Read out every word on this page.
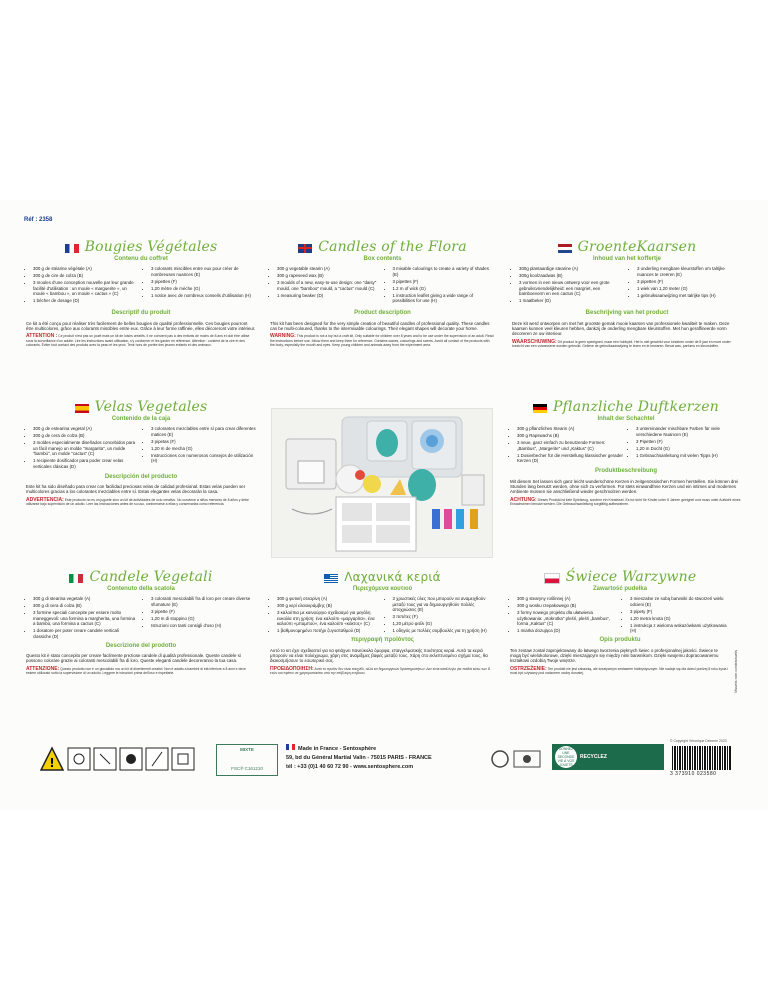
Réf : 2358
Bougies Végétales
Contenu du coffret
• 300 g de stéarine végétale (A)
• 300 g de cire de colza (B)
• 3 moules d'une conception nouvelle par leur grande facilité d'utilisation : un moule « marguerite », un moule « bambou », un moule « cactus » (C)
• 1 bécher de dosage (D)
• 3 colorants miscibles entre eux pour créer de nombreuses nuances (E)
• 3 pipettes (F)
• 1,20 mètre de mèche (G)
• 1 notice avec de nombreux conseils d'utilisation (H)
Descriptif du produit
Ce kit a été conçu pour réaliser très facilement de belles bougies de qualité professionnelle. Ces bougies pourront être multicolores, grâce aux colorants miscibles entre eux. Grâce à leur forme raffinée, elles décoreront votre intérieur.
ATTENTION : Ce produit n'est pas un jouet mais un kit de loisirs créatifs. Il ne convient pas à des enfants de moins de 8 ans et doit être utilisé sous la surveillance d'un adulte. Lire les instructions avant utilisation, s'y conformer et les garder en référence. Attention : contient de la cire et des colorants. Éviter tout contact des produits avec la peau et les yeux. Tenir hors de portée des jeunes enfants et des animaux.
Candles of the Flora
Box contents
• 300 g vegetable stearin (A)
• 300 g rapeseed wax (B)
• 3 moulds of a new, easy-to-use design: one "daisy" mould, one "bamboo" mould, a "cactus" mould (C)
• 1 measuring beaker (D)
• 3 mixable colourings to create a variety of shades (E)
• 3 pipettes (F)
• 1.2 m of wick (G)
• 1 instruction leaflet giving a wide range of possibilities for use (H)
Product description
This kit has been designed for the very simple creation of beautiful candles of professional quality. These candles can be multi-coloured, thanks to the intermixable colourings. Their elegant shapes will decorate your home.
WARNING: This product is not a toy but a craft kit. Only suitable for children over 8 years and to be use under the supervision of an adult. Read the instructions before use, follow them and keep them for reference. Contains waxes, colourings and scents. Avoid all contact of the products with the body, especially the mouth and eyes. Keep young children and animals away from the experiment area.
GroenteKaarsen
Inhoud van het koffertje
• 300g plantaardige stearine (A)
• 300g koolzaadwas (B)
• 3 vormen in een nieuw ontwerp voor een grote gebruiksvriendelijkheid: een margriet, een bamboevorm en een cactus (C)
• 1 maatbeker (D)
• 3 onderling mengbare kleurstoffen om talrijke nuances te creëren (E)
• 3 pipetten (F)
• 1 wiek van 1,20 meter (G)
• 1 gebruiksaanwijzing met talrijke tips (H)
Beschrijving van het product
Deze kit werd ontworpen om met het grootste gemak mooie kaarsen van professionele kwaliteit te maken. Deze kaarsen kunnen veel kleuren hebben, dankzij de onderling mengbare kleurstoffen. Met hun geraffineerde vorm decoreren ze uw interieur.
WAARSCHUWING: Dit product is geen speelgoed, maar een hobbykit. Het is niet geschikt voor kinderen onder de 8 jaar en moet onder toezicht van een volwassene worden gebruikt. Gelieve de gebruiksaanwijzing te lezen en te bewaren. Bevat was, parfums en kleurstoffen.
Velas Vegetales
Contenido de la caja
• 300 g de estearina vegetal (A)
• 300 g de cera de colza (B)
• 3 moldes especialmente diseñados concebidos para un fácil manejo un molde "margarita", un molde "bambú", un molde "cactus" (C)
• 1 recipiente dosificador para poder crear velas verticales clásicas (D)
• 3 colorantes mezclables entre sí para crear diferentes matices (E)
• 3 pipetas (F)
• 1,20 m de mecha (G)
• Instrucciones con numerosos consejos de utilización (H)
Descripción del producto
Este kit ha sido diseñado para crear con facilidad preciosas velas de calidad profesional. Estas velas pueden ser multicolores gracias a los colorantes mezclables entre sí. Estas elegantes velas decorarán la casa.
ADVERTENCIA: Este producto no es un juguete sino un kit de actividades de ocio creativo. No conviene a niños menores de 8 años y debe utilizarse bajo supervisión de un adulto. Leer las instrucciones antes de su uso, conformarse a ellas y conservarlas como referencia.
Pflanzliche Duftkerzen
Inhalt der Schachtel
• 300 g pflanzliches Stearin (A)
• 300 g Rapswachs (B)
• 3 neue, ganz einfach zu benutzende Formen: „Bambus", „Margerite" und „Kaktus" (C)
• 1 Dosierbecher für die Herstellung klassischer gerader Kerzen (D)
• 3 untereinander mischbare Farben für viele verschiedene Nuancen (E)
• 3 Pipetten (F)
• 1,20 m Docht (G)
• 1 Gebrauchsanleitung mit vielen Tipps (H)
Produktbeschreibung
Mit diesem Set lassen sich ganz leicht wunderschöne Kerzen in zeitgenössischen Formen herstellen. Sie können drei Stunden lang benutzt werden, ohne sich zu verformen. Für stets einwandfreie Kerzen und ein intimes und modernes Ambiente müssen sie anschließend wieder geschmolzen werden.
ACHTUNG: Dieses Produkt ist kein Spielzeug, sondern ein Kreativset. Es ist nicht für Kinder unter 8 Jahren geeignet und muss unter Aufsicht eines Erwachsenen benutzt werden. Die Gebrauchsanleitung sorgfältig aufbewahren.
Candele Vegetali
Contenuto della scatola
• 300 g di stearina vegetale (A)
• 300 g di cera di colza (B)
• 3 formine speciali concepite per essere molto maneggevoli: una formina a margherita, una formina a bambù, una formina a cactus (C)
• 1 dosatore per poter creare candele verticali classiche (D)
• 3 coloranti mescolabili fra di loro per creare diverse sfumature (E)
• 3 pipette (F)
• 1,20 m di stoppino (G)
• Istruzioni con tanti consigli d'uso (H)
Descrizione del prodotto
Questo kit è stato concepito per creare facilmente preziose candele di qualità professionale. Queste candele si possono colorare grazie ai coloranti mescolabili fra di loro. Queste eleganti candele decoreranno la tua casa.
ATTENZIONE: Questo prodotto non è un giocattolo ma un kit di divertimenti creativi. Non è adatto a bambini di età inferiore a 8 anni e deve essere utilizzato sotto la supervisione di un adulto. Leggere le istruzioni prima dell'uso e rispettarle.
Λαχανικά κεριά
Περιεχόμενα κουτιού
• 300 g φυτική στεαρίνη (A)
• 300 g κερί ελαιοκράμβης (B)
• 3 καλούπια με καινούργιο σχεδιασμό για μεγάλη ευκολία στη χρήση: ένα καλούπι «μαργαρίτα», ένα καλούπι «μπαμπού», ένα καλούπι «κάκτος» (C)
• 1 βαθμονομημένο ποτήρι ζυγοσταθμού (D)
• 3 χρωστικές ύλες που μπορούν να αναμειχθούν μεταξύ τους για να δημιουργηθούν πολλές αποχρώσεις (E)
• 3 πιπέτες (F)
• 1,20 μέτρο φιτίλι (G)
• 1 οδηγός με πολλές συμβουλές για τη χρήση (H)
περιγραφή προϊόντος
Αυτό το κιτ έχει σχεδιαστεί για να φτιάχνει πανεύκολα όμορφα, επαγγελματικής ποιότητας κεριά. Αυτά τα κεριά μπορούν να είναι πολύχρωμα, χάρη στις αναμίξιμες βαφές μεταξύ τους. Χάρη στο εκλεπτυσμένο σχήμα τους, θα διακοσμήσουν το εσωτερικό σας.
ΠΡΟΕΙΔΟΠΟΙΗΣΗ: Αυτό το προϊόν δεν είναι παιχνίδι, αλλά κιτ δημιουργικών δραστηριοτήτων. Δεν είναι κατάλληλο για παιδιά κάτω των 8 ετών και πρέπει να χρησιμοποιείται υπό την επίβλεψη ενηλίκου.
Świece Warzywne
Zawartość pudełka
• 300 g stearyny roślinnej (A)
• 300 g wosku rzepakowego (B)
• 3 formy nowego projektu dla ułatwienia użytkowania: „stokrotka" pleśń, pleśń „bambus", forma „Kaktus" (C)
• 1 miarka dozująca (D)
• 3 mieszalne ze sobą barwniki do stworzeń wielu odcieni (E)
• 3 pipety (F)
• 1,20 metra knota (G)
• 1 instrukcja z wieloma wskazówkami użytkowania (H)
Opis produktu
Ten zestaw został zaprojektowany do łatwego tworzenia pięknych świec o profesjonalnej jakości. Świece te mogą być wielokolorowe, dzięki mieszającym się między nimi barwnikom. Dzięki swojemu dopracowanemu kształtowi ozdobią Twoje wnętrze.
OSTRZEŻENIE: Ten produkt nie jest zabawką, ale kreatywnym zestawem hobbystycznym. Nie nadaje się dla dzieci poniżej 8 roku życia i musi być używany pod nadzorem osoby dorosłej.	Visuels non contractuels
!
MIXTE
FSC® C161210
Made in France - Sentosphère
59, bd du Général Martial Valin - 75015 PARIS - FRANCE
tél : +33 (0)1 40 60 72 90 - www.sentosphere.com
DONNEZ UNE SECONDE VIE À VOS JOUETS
RECYCLEZ
© Copyright Véronique Delorme 2023
3 373910 023580
